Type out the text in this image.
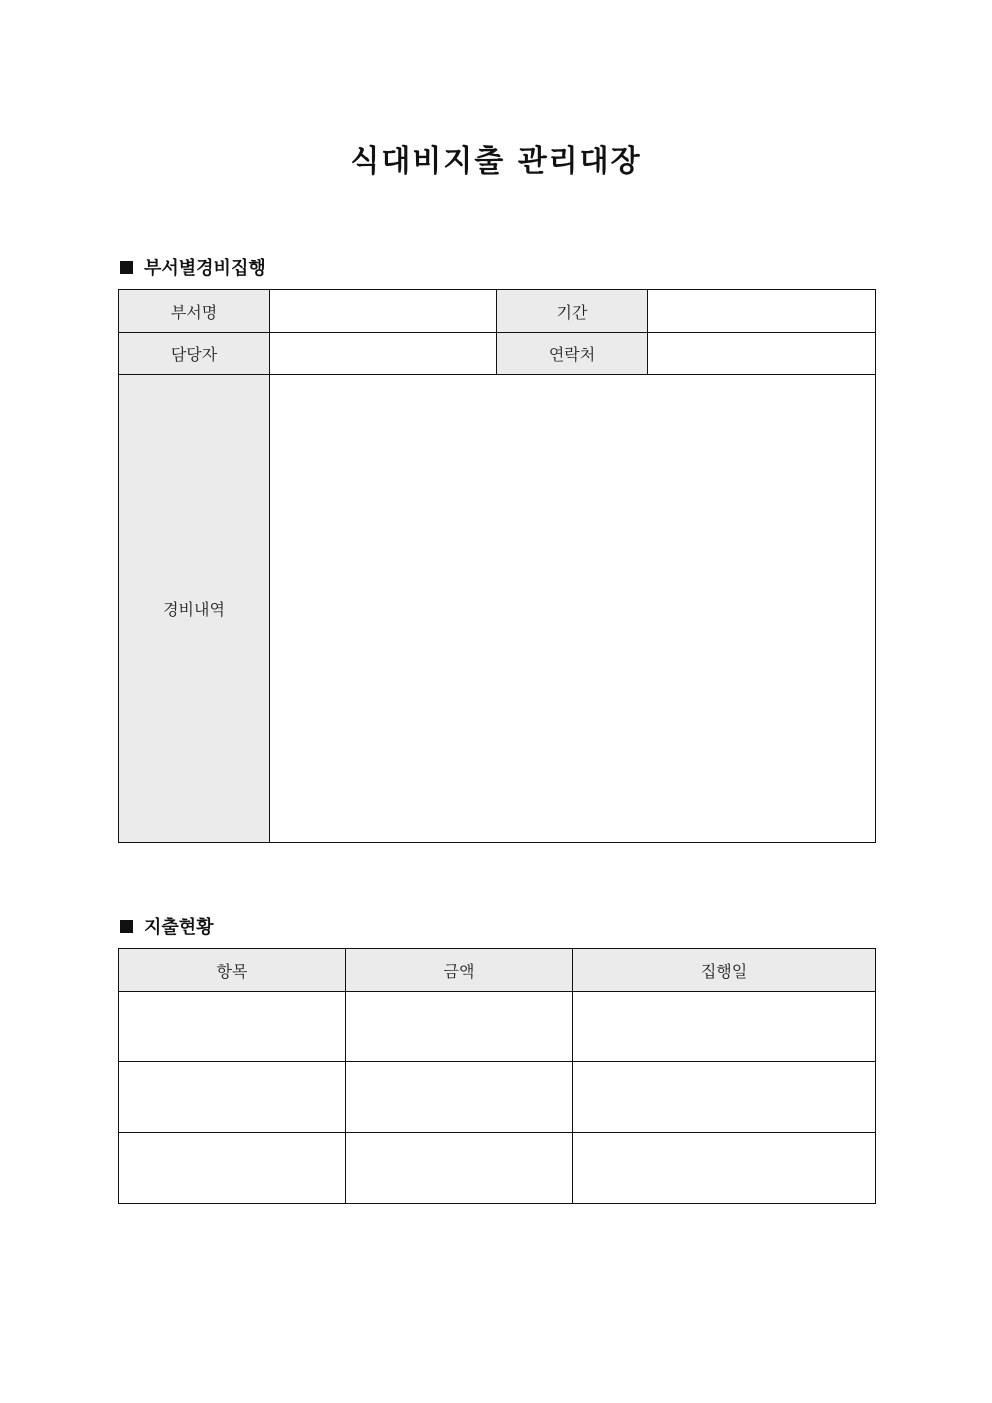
식대비지출 관리대장
부서별경비집행
부서명		기간	
담당자		연락처	
경비내역			
지출현황
항목	금액	집행일
